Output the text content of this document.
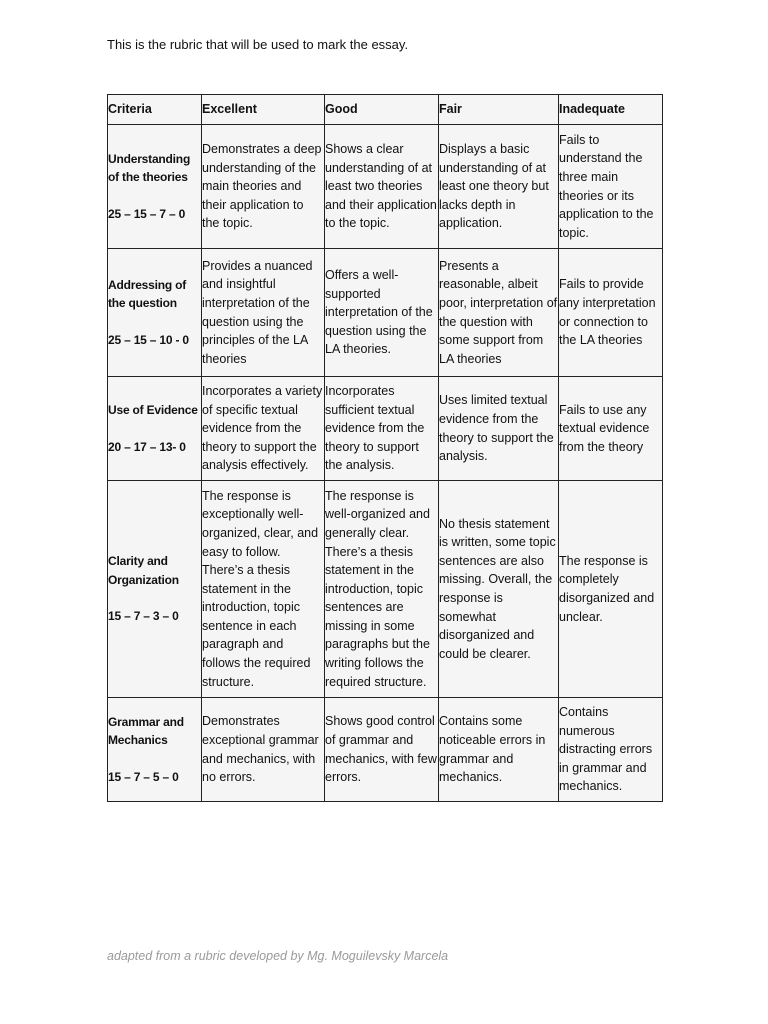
This is the rubric that will be used to mark the essay.

Criteria	Excellent	Good	Fair	Inadequate

Understanding of the theories
25 – 15 – 7 – 0	Demonstrates a deep understanding of the main theories and their application to the topic.	Shows a clear understanding of at least two theories and their application to the topic.	Displays a basic understanding of at least one theory but lacks depth in application.	Fails to understand the three main theories or its application to the topic.

Addressing of the question
25 – 15 – 10 - 0	Provides a nuanced and insightful interpretation of the question using the principles of the LA theories	Offers a well-supported interpretation of the question using the LA theories.	Presents a reasonable, albeit poor, interpretation of the question with some support from LA theories	Fails to provide any interpretation or connection to the LA theories

Use of Evidence
20 – 17 – 13- 0	Incorporates a variety of specific textual evidence from the theory to support the analysis effectively.	Incorporates sufficient textual evidence from the theory to support the analysis.	Uses limited textual evidence from the theory to support the analysis.	Fails to use any textual evidence from the theory

Clarity and Organization
15 – 7 – 3 – 0	The response is exceptionally well-organized, clear, and easy to follow. There’s a thesis statement in the introduction, topic sentence in each paragraph and follows the required structure.	The response is well-organized and generally clear. There’s a thesis statement in the introduction, topic sentences are missing in some paragraphs but the writing follows the required structure.	No thesis statement is written, some topic sentences are also missing. Overall, the response is somewhat disorganized and could be clearer.	The response is completely disorganized and unclear.

Grammar and Mechanics
15 – 7 – 5 – 0	Demonstrates exceptional grammar and mechanics, with no errors.	Shows good control of grammar and mechanics, with few errors.	Contains some noticeable errors in grammar and mechanics.	Contains numerous distracting errors in grammar and mechanics.

adapted from a rubric developed by Mg. Moguilevsky Marcela
